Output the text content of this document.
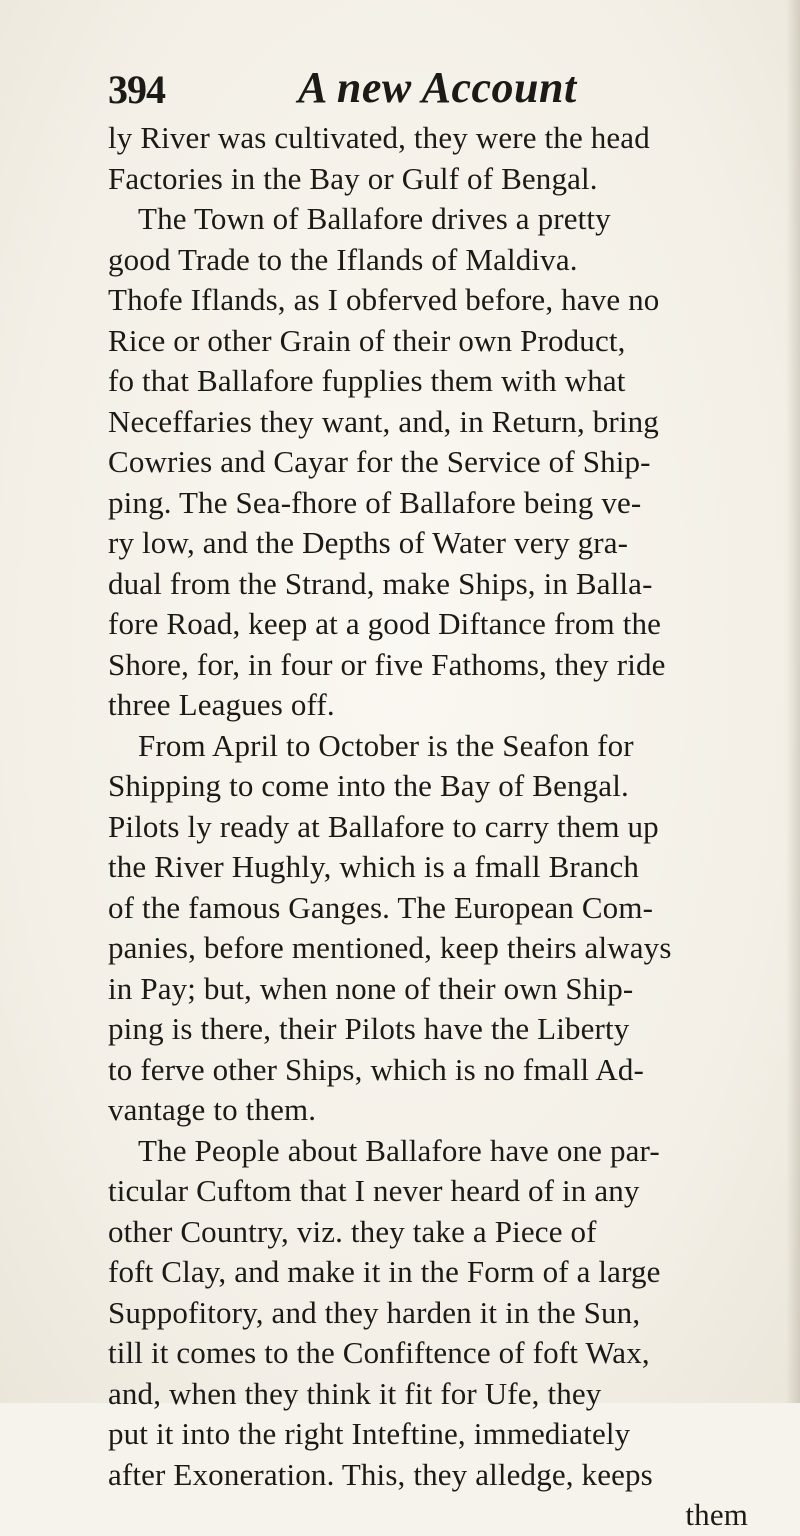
394	A new Account
ly River was cultivated, they were the head
Factories in the Bay or Gulf of Bengal.
The Town of Ballafore drives a pretty
good Trade to the Iflands of Maldiva.
Thofe Iflands, as I obferved before, have no
Rice or other Grain of their own Product,
fo that Ballafore fupplies them with what
Neceffaries they want, and, in Return, bring
Cowries and Cayar for the Service of Ship-
ping. The Sea-fhore of Ballafore being ve-
ry low, and the Depths of Water very gra-
dual from the Strand, make Ships, in Balla-
fore Road, keep at a good Diftance from the
Shore, for, in four or five Fathoms, they ride
three Leagues off.
From April to October is the Seafon for
Shipping to come into the Bay of Bengal.
Pilots ly ready at Ballafore to carry them up
the River Hughly, which is a fmall Branch
of the famous Ganges. The European Com-
panies, before mentioned, keep theirs always
in Pay; but, when none of their own Ship-
ping is there, their Pilots have the Liberty
to ferve other Ships, which is no fmall Ad-
vantage to them.
The People about Ballafore have one par-
ticular Cuftom that I never heard of in any
other Country, viz. they take a Piece of
foft Clay, and make it in the Form of a large
Suppofitory, and they harden it in the Sun,
till it comes to the Confiftence of foft Wax,
and, when they think it fit for Ufe, they
put it into the right Inteftine, immediately
after Exoneration. This, they alledge, keeps
them
